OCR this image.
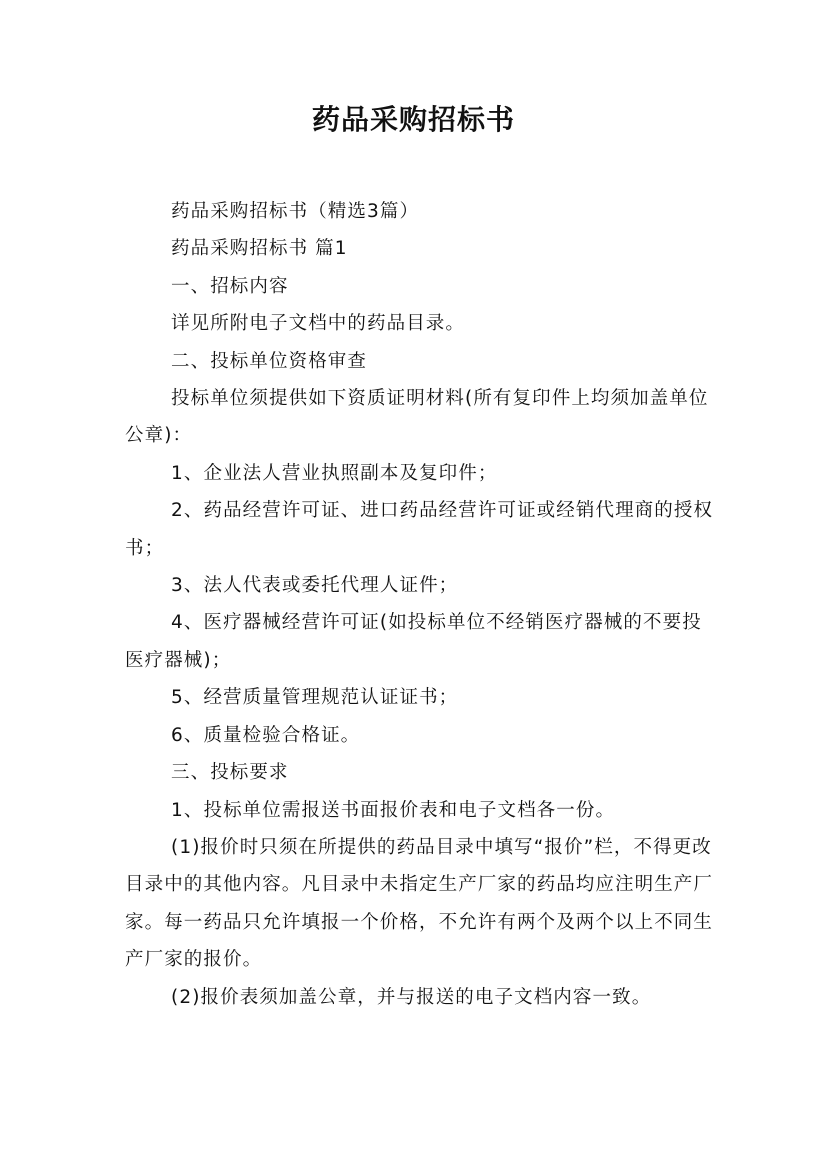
药品采购招标书

药品采购招标书（精选3篇）

药品采购招标书 篇1

一、招标内容

详见所附电子文档中的药品目录。

二、投标单位资格审查

投标单位须提供如下资质证明材料(所有复印件上均须加盖单位公章)：

1、企业法人营业执照副本及复印件；

2、药品经营许可证、进口药品经营许可证或经销代理商的授权书；

3、法人代表或委托代理人证件；

4、医疗器械经营许可证(如投标单位不经销医疗器械的不要投医疗器械)；

5、经营质量管理规范认证证书；

6、质量检验合格证。

三、投标要求

1、投标单位需报送书面报价表和电子文档各一份。

(1)报价时只须在所提供的药品目录中填写“报价”栏，不得更改目录中的其他内容。凡目录中未指定生产厂家的药品均应注明生产厂家。每一药品只允许填报一个价格，不允许有两个及两个以上不同生产厂家的报价。

(2)报价表须加盖公章，并与报送的电子文档内容一致。
